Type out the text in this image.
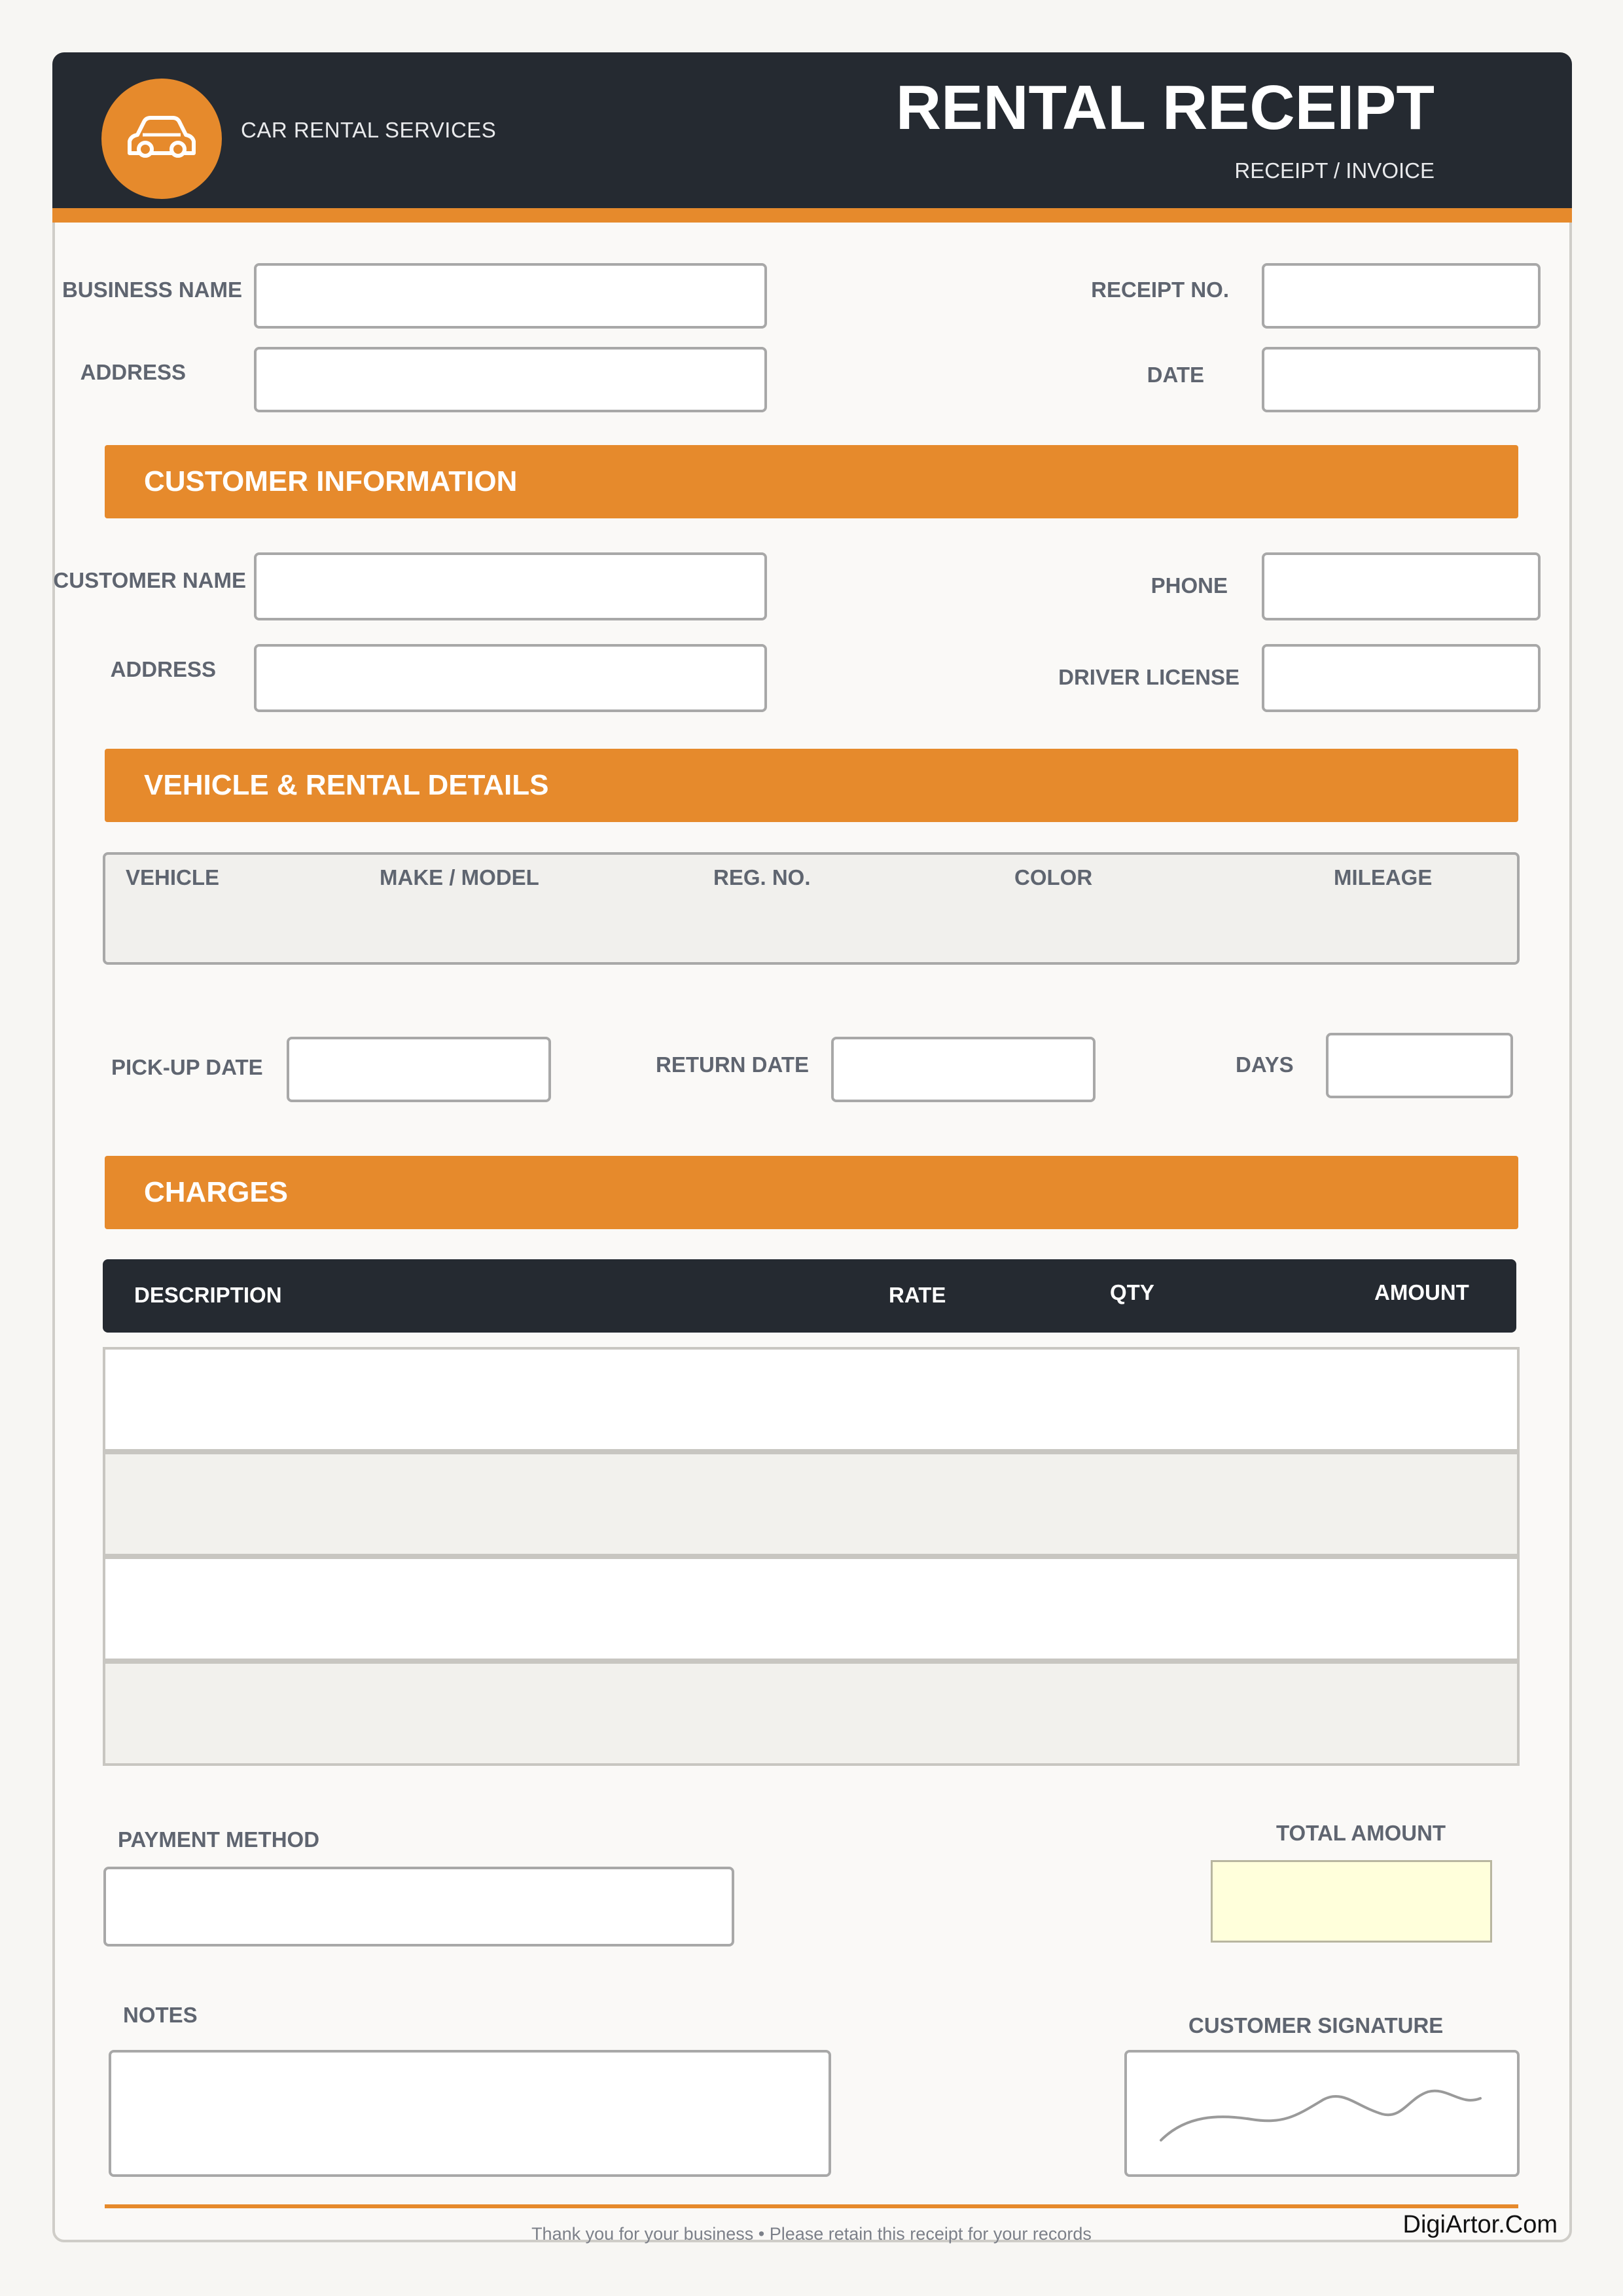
CAR RENTAL SERVICES	RENTAL RECEIPT
RECEIPT / INVOICE
BUSINESS NAME
ADDRESS
RECEIPT NO.
DATE
CUSTOMER INFORMATION
CUSTOMER NAME
ADDRESS
PHONE
DRIVER LICENSE
VEHICLE & RENTAL DETAILS
VEHICLE	MAKE / MODEL	REG. NO.	COLOR	MILEAGE
PICK-UP DATE	RETURN DATE	DAYS
CHARGES
DESCRIPTION	RATE	QTY	AMOUNT
PAYMENT METHOD	TOTAL AMOUNT
NOTES	CUSTOMER SIGNATURE
Thank you for your business • Please retain this receipt for your records	DigiArtor.Com
